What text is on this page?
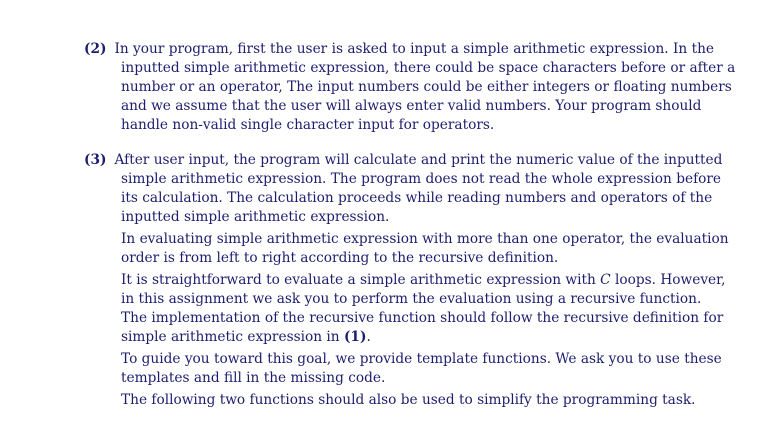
(2) In your program, first the user is asked to input a simple arithmetic expression. In the
inputted simple arithmetic expression, there could be space characters before or after a
number or an operator, The input numbers could be either integers or floating numbers
and we assume that the user will always enter valid numbers. Your program should
handle non-valid single character input for operators.
(3) After user input, the program will calculate and print the numeric value of the inputted
simple arithmetic expression. The program does not read the whole expression before
its calculation. The calculation proceeds while reading numbers and operators of the
inputted simple arithmetic expression.
In evaluating simple arithmetic expression with more than one operator, the evaluation
order is from left to right according to the recursive definition.
It is straightforward to evaluate a simple arithmetic expression with C loops. However,
in this assignment we ask you to perform the evaluation using a recursive function.
The implementation of the recursive function should follow the recursive definition for
simple arithmetic expression in (1).
To guide you toward this goal, we provide template functions. We ask you to use these
templates and fill in the missing code.
The following two functions should also be used to simplify the programming task.
